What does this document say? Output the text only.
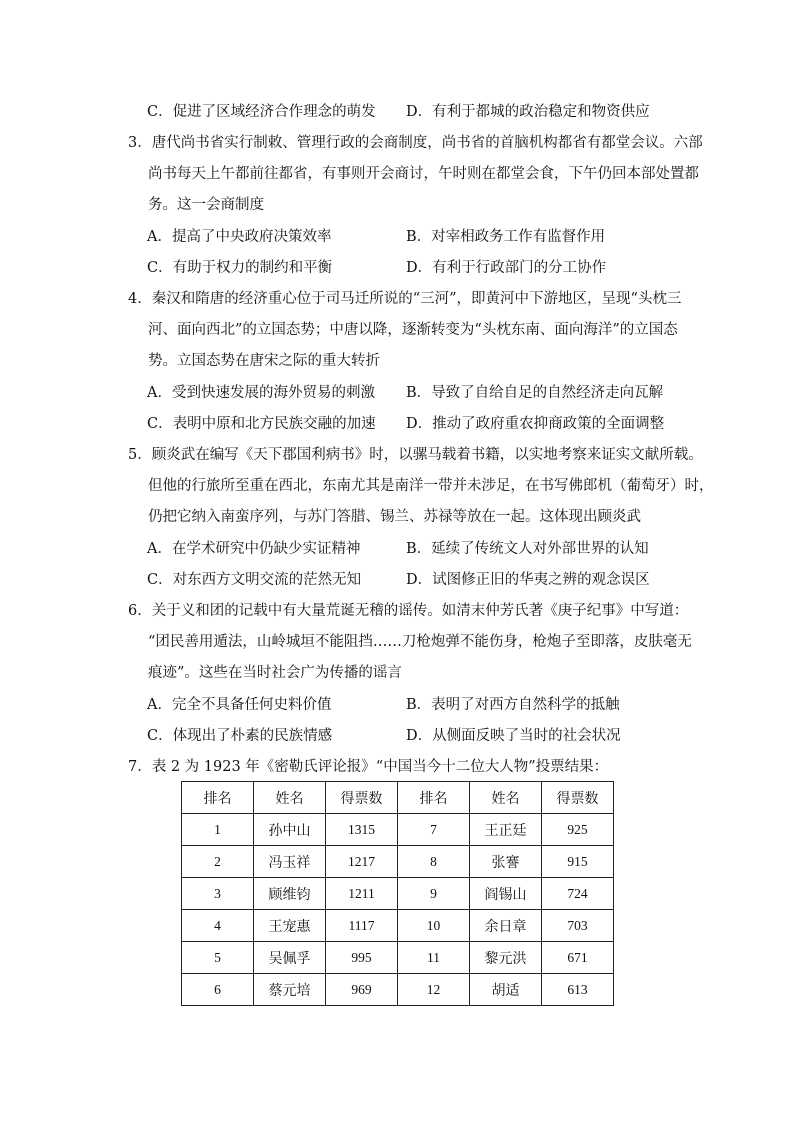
C．促进了区域经济合作理念的萌发 D．有利于都城的政治稳定和物资供应
3．唐代尚书省实行制敕、管理行政的会商制度，尚书省的首脑机构都省有都堂会议。六部
尚书每天上午都前往都省，有事则开会商讨，午时则在都堂会食，下午仍回本部处置都
务。这一会商制度
A．提高了中央政府决策效率	B．对宰相政务工作有监督作用
C．有助于权力的制约和平衡	D．有利于行政部门的分工协作
4．秦汉和隋唐的经济重心位于司马迁所说的“三河”，即黄河中下游地区，呈现“头枕三
河、面向西北”的立国态势；中唐以降，逐渐转变为“头枕东南、面向海洋”的立国态
势。立国态势在唐宋之际的重大转折
A．受到快速发展的海外贸易的刺激 B．导致了自给自足的自然经济走向瓦解
C．表明中原和北方民族交融的加速 D．推动了政府重农抑商政策的全面调整
5．顾炎武在编写《天下郡国利病书》时，以骡马载着书籍，以实地考察来证实文献所载。
但他的行旅所至重在西北，东南尤其是南洋一带并未涉足，在书写佛郎机（葡萄牙）时，
仍把它纳入南蛮序列，与苏门答腊、锡兰、苏禄等放在一起。这体现出顾炎武
A．在学术研究中仍缺少实证精神	B．延续了传统文人对外部世界的认知
C．对东西方文明交流的茫然无知	D．试图修正旧的华夷之辨的观念误区
6．关于义和团的记载中有大量荒诞无稽的谣传。如清末仲芳氏著《庚子纪事》中写道：
“团民善用遁法，山岭城垣不能阻挡……刀枪炮弹不能伤身，枪炮子至即落，皮肤毫无
痕迹”。这些在当时社会广为传播的谣言
A．完全不具备任何史料价值	B．表明了对西方自然科学的抵触
C．体现出了朴素的民族情感	D．从侧面反映了当时的社会状况
7．表 2 为 1923 年《密勒氏评论报》“中国当今十二位大人物”投票结果：
排名	姓名	得票数	排名	姓名	得票数
1	孙中山	1315	7	王正廷	925
2	冯玉祥	1217	8	张謇	915
3	顾维钧	1211	9	阎锡山	724
4	王宠惠	1117	10	余日章	703
5	吴佩孚	995	11	黎元洪	671
6	蔡元培	969	12	胡适	613
